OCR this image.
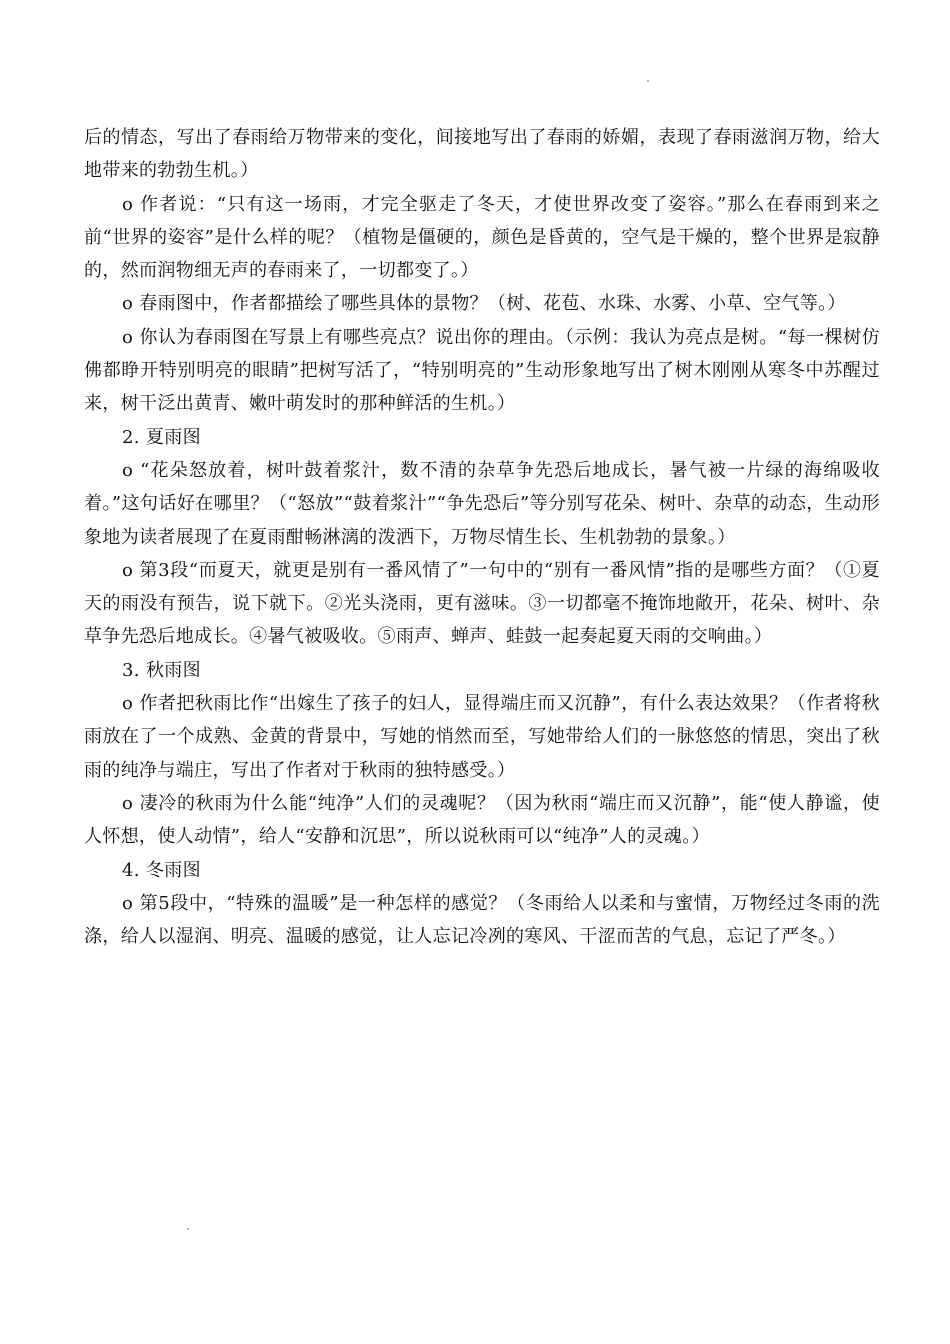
后的情态，写出了春雨给万物带来的变化，间接地写出了春雨的娇媚，表现了春雨滋润万物，给大地带来的勃勃生机。）

o 作者说：“只有这一场雨，才完全驱走了冬天，才使世界改变了姿容。”那么在春雨到来之前“世界的姿容”是什么样的呢？（植物是僵硬的，颜色是昏黄的，空气是干燥的，整个世界是寂静的，然而润物细无声的春雨来了，一切都变了。）

o 春雨图中，作者都描绘了哪些具体的景物？（树、花苞、水珠、水雾、小草、空气等。）

o 你认为春雨图在写景上有哪些亮点？说出你的理由。（示例：我认为亮点是树。“每一棵树仿佛都睁开特别明亮的眼睛”把树写活了，“特别明亮的”生动形象地写出了树木刚刚从寒冬中苏醒过来，树干泛出黄青、嫩叶萌发时的那种鲜活的生机。）

2. 夏雨图

o “花朵怒放着，树叶鼓着浆汁，数不清的杂草争先恐后地成长，暑气被一片绿的海绵吸收着。”这句话好在哪里？（“怒放”“鼓着浆汁”“争先恐后”等分别写花朵、树叶、杂草的动态，生动形象地为读者展现了在夏雨酣畅淋漓的泼洒下，万物尽情生长、生机勃勃的景象。）

o 第3段“而夏天，就更是别有一番风情了”一句中的“别有一番风情”指的是哪些方面？（①夏天的雨没有预告，说下就下。②光头浇雨，更有滋味。③一切都毫不掩饰地敞开，花朵、树叶、杂草争先恐后地成长。④暑气被吸收。⑤雨声、蝉声、蛙鼓一起奏起夏天雨的交响曲。）

3. 秋雨图

o 作者把秋雨比作“出嫁生了孩子的妇人，显得端庄而又沉静”，有什么表达效果？（作者将秋雨放在了一个成熟、金黄的背景中，写她的悄然而至，写她带给人们的一脉悠悠的情思，突出了秋雨的纯净与端庄，写出了作者对于秋雨的独特感受。）

o 凄冷的秋雨为什么能“纯净”人们的灵魂呢？（因为秋雨“端庄而又沉静”，能“使人静谧，使人怀想，使人动情”，给人“安静和沉思”，所以说秋雨可以“纯净”人的灵魂。）

4. 冬雨图

o 第5段中，“特殊的温暖”是一种怎样的感觉？（冬雨给人以柔和与蜜情，万物经过冬雨的洗涤，给人以湿润、明亮、温暖的感觉，让人忘记冷冽的寒风、干涩而苦的气息，忘记了严冬。）
